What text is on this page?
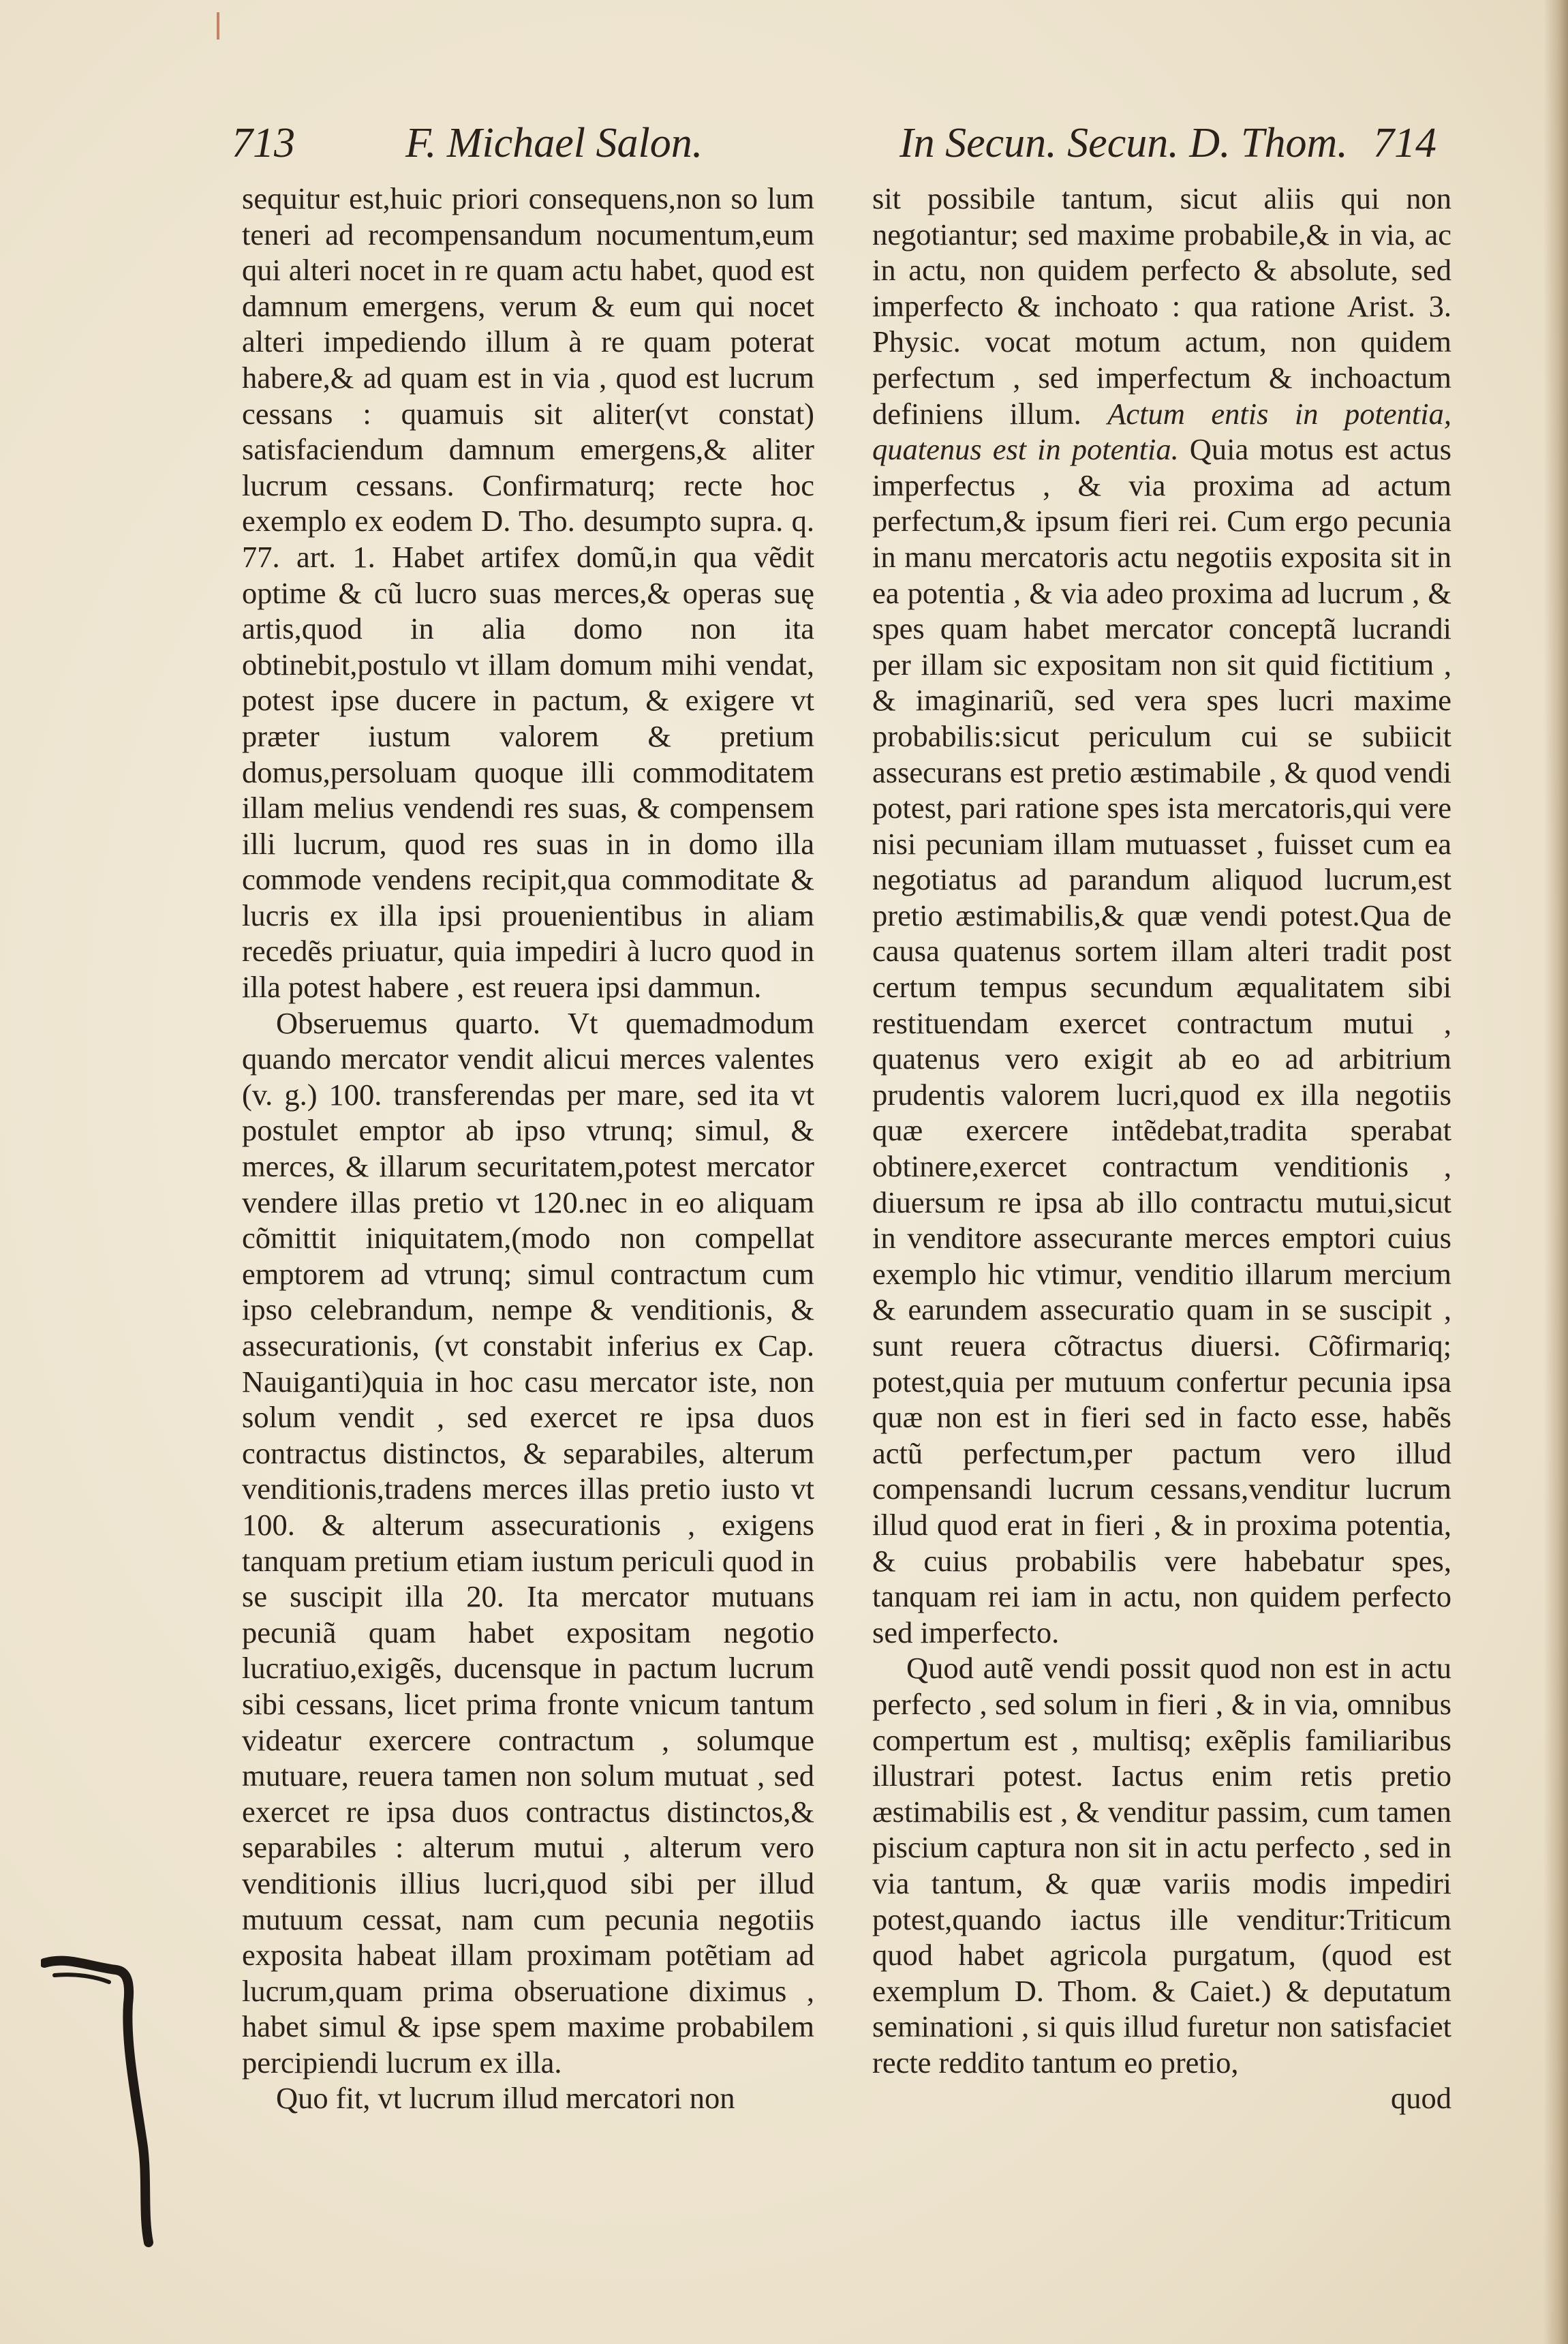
713	F. Michael Salon.	In Secun. Secun. D. Thom. 714

sequitur est,huic priori consequens,non so lum teneri ad recompensandum nocumentum,eum qui alteri nocet in re quam actu habet, quod est damnum emergens, verum & eum qui nocet alteri impediendo illum à re quam poterat habere,& ad quam est in via , quod est lucrum cessans : quamuis sit aliter(vt constat) satisfaciendum damnum emergens,& aliter lucrum cessans. Confirmaturq; recte hoc exemplo ex eodem D. Tho. desumpto supra. q. 77. art. 1. Habet artifex domũ,in qua vẽdit optime & cũ lucro suas merces,& operas suę artis,quod in alia domo non ita obtinebit,postulo vt illam domum mihi vendat, potest ipse ducere in pactum, & exigere vt præter iustum valorem & pretium domus,persoluam quoque illi commoditatem illam melius vendendi res suas, & compensem illi lucrum, quod res suas in in domo illa commode vendens recipit,qua commoditate & lucris ex illa ipsi prouenientibus in aliam recedẽs priuatur, quia impediri à lucro quod in illa potest habere , est reuera ipsi dammun.

Obseruemus quarto. Vt quemadmodum quando mercator vendit alicui merces valentes (v. g.) 100. transferendas per mare, sed ita vt postulet emptor ab ipso vtrunq; simul, & merces, & illarum securitatem,potest mercator vendere illas pretio vt 120.nec in eo aliquam cõmittit iniquitatem,(modo non compellat emptorem ad vtrunq; simul contractum cum ipso celebrandum, nempe & venditionis, & assecurationis, (vt constabit inferius ex Cap. Nauiganti)quia in hoc casu mercator iste, non solum vendit , sed exercet re ipsa duos contractus distinctos, & separabiles, alterum venditionis,tradens merces illas pretio iusto vt 100. & alterum assecurationis , exigens tanquam pretium etiam iustum periculi quod in se suscipit illa 20. Ita mercator mutuans pecuniã quam habet expositam negotio lucratiuo,exigẽs, ducensque in pactum lucrum sibi cessans, licet prima fronte vnicum tantum videatur exercere contractum , solumque mutuare, reuera tamen non solum mutuat , sed exercet re ipsa duos contractus distinctos,& separabiles : alterum mutui , alterum vero venditionis illius lucri,quod sibi per illud mutuum cessat, nam cum pecunia negotiis exposita habeat illam proximam potẽtiam ad lucrum,quam prima obseruatione diximus , habet simul & ipse spem maxime probabilem percipiendi lucrum ex illa.

Quo fit, vt lucrum illud mercatori non

sit possibile tantum, sicut aliis qui non negotiantur; sed maxime probabile,& in via, ac in actu, non quidem perfecto & absolute, sed imperfecto & inchoato : qua ratione Arist. 3. Physic. vocat motum actum, non quidem perfectum , sed imperfectum & inchoactum definiens illum. Actum entis in potentia, quatenus est in potentia. Quia motus est actus imperfectus , & via proxima ad actum perfectum,& ipsum fieri rei. Cum ergo pecunia in manu mercatoris actu negotiis exposita sit in ea potentia , & via adeo proxima ad lucrum , & spes quam habet mercator conceptã lucrandi per illam sic expositam non sit quid fictitium , & imaginariũ, sed vera spes lucri maxime probabilis:sicut periculum cui se subiicit assecurans est pretio æstimabile , & quod vendi potest, pari ratione spes ista mercatoris,qui vere nisi pecuniam illam mutuasset , fuisset cum ea negotiatus ad parandum aliquod lucrum,est pretio æstimabilis,& quæ vendi potest.Qua de causa quatenus sortem illam alteri tradit post certum tempus secundum æqualitatem sibi restituendam exercet contractum mutui , quatenus vero exigit ab eo ad arbitrium prudentis valorem lucri,quod ex illa negotiis quæ exercere intẽdebat,tradita sperabat obtinere,exercet contractum venditionis , diuersum re ipsa ab illo contractu mutui,sicut in venditore assecurante merces emptori cuius exemplo hic vtimur, venditio illarum mercium & earundem assecuratio quam in se suscipit , sunt reuera cõtractus diuersi. Cõfirmariq; potest,quia per mutuum confertur pecunia ipsa quæ non est in fieri sed in facto esse, habẽs actũ perfectum,per pactum vero illud compensandi lucrum cessans,venditur lucrum illud quod erat in fieri , & in proxima potentia, & cuius probabilis vere habebatur spes, tanquam rei iam in actu, non quidem perfecto sed imperfecto.

Quod autẽ vendi possit quod non est in actu perfecto , sed solum in fieri , & in via, omnibus compertum est , multisq; exẽplis familiaribus illustrari potest. Iactus enim retis pretio æstimabilis est , & venditur passim, cum tamen piscium captura non sit in actu perfecto , sed in via tantum, & quæ variis modis impediri potest,quando iactus ille venditur:Triticum quod habet agricola purgatum, (quod est exemplum D. Thom. & Caiet.) & deputatum seminationi , si quis illud furetur non satisfaciet recte reddito tantum eo pretio,

quod
